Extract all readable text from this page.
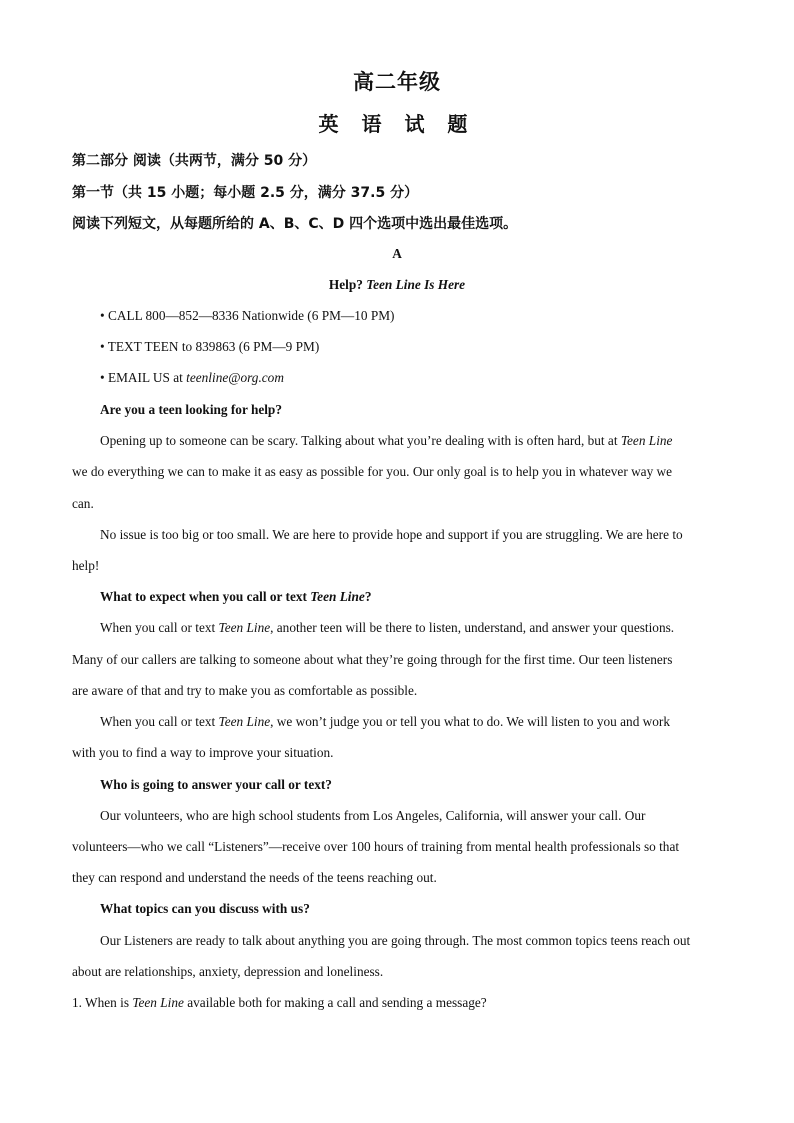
高二年级
英 语 试 题
第二部分 阅读（共两节，满分 50 分）
第一节（共 15 小题；每小题 2.5 分，满分 37.5 分）
阅读下列短文，从每题所给的 A、B、C、D 四个选项中选出最佳选项。
A
Help? Teen Line Is Here
• CALL 800—852—8336 Nationwide (6 PM—10 PM)
• TEXT TEEN to 839863 (6 PM—9 PM)
• EMAIL US at teenline@org.com
Are you a teen looking for help?
Opening up to someone can be scary. Talking about what you’re dealing with is often hard, but at Teen Line
we do everything we can to make it as easy as possible for you. Our only goal is to help you in whatever way we
can.
No issue is too big or too small. We are here to provide hope and support if you are struggling. We are here to
help!
What to expect when you call or text Teen Line?
When you call or text Teen Line, another teen will be there to listen, understand, and answer your questions.
Many of our callers are talking to someone about what they’re going through for the first time. Our teen listeners
are aware of that and try to make you as comfortable as possible.
When you call or text Teen Line, we won’t judge you or tell you what to do. We will listen to you and work
with you to find a way to improve your situation.
Who is going to answer your call or text?
Our volunteers, who are high school students from Los Angeles, California, will answer your call. Our
volunteers—who we call “Listeners”—receive over 100 hours of training from mental health professionals so that
they can respond and understand the needs of the teens reaching out.
What topics can you discuss with us?
Our Listeners are ready to talk about anything you are going through. The most common topics teens reach out
about are relationships, anxiety, depression and loneliness.
1. When is Teen Line available both for making a call and sending a message?
